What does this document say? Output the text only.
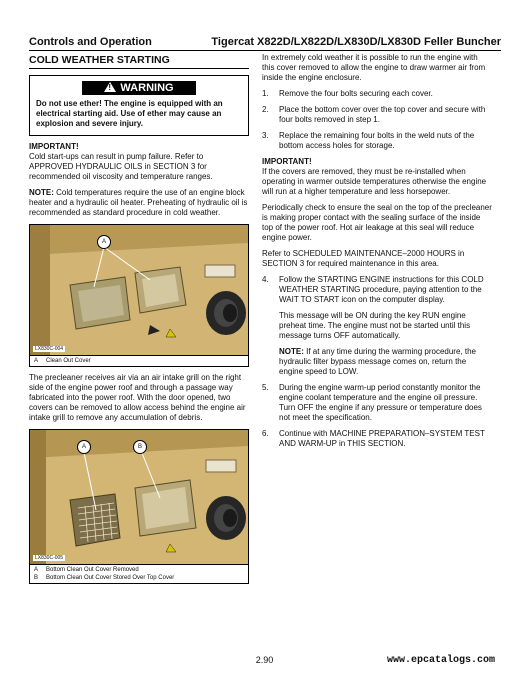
Controls and Operation	Tigercat X822D/LX822D/LX830D/LX830D Feller Buncher
COLD WEATHER STARTING
!WARNING
Do not use ether! The engine is equipped with an electrical starting aid. Use of ether may cause an explosion and severe injury.
IMPORTANT!
Cold start-ups can result in pump failure. Refer to APPROVED HYDRAULIC OILS in SECTION 3 for recommended oil viscosity and temperature ranges.
NOTE: Cold temperatures require the use of an engine block heater and a hydraulic oil heater. Preheating of hydraulic oil is recommended as standard procedure in cold weather.
A
LX830C-004
A Clean Out Cover
The precleaner receives air via an air intake grill on the right side of the engine power roof and through a passage way fabricated into the power roof. With the door opened, two covers can be removed to allow access behind the engine air intake grill to remove any accumulation of debris.
A	B
LX830C-005
A Bottom Clean Out Cover Removed
B Bottom Clean Out Cover Stored Over Top Cover
In extremely cold weather it is possible to run the engine with this cover removed to allow the engine to draw warmer air from inside the engine enclosure.
1.	Remove the four bolts securing each cover.
2.	Place the bottom cover over the top cover and secure with four bolts removed in step 1.
3.	Replace the remaining four bolts in the weld nuts of the bottom access holes for storage.
IMPORTANT!
If the covers are removed, they must be re-installed when operating in warmer outside temperatures otherwise the engine will run at a higher temperature and less horsepower.
Periodically check to ensure the seal on the top of the precleaner is making proper contact with the sealing surface of the inside top of the power roof. Hot air leakage at this seal will reduce engine power.
Refer to SCHEDULED MAINTENANCE–2000 HOURS in SECTION 3 for required maintenance in this area.
4.	Follow the STARTING ENGINE instructions for this COLD WEATHER STARTING procedure, paying attention to the WAIT TO START icon on the computer display.
This message will be ON during the key RUN engine preheat time. The engine must not be started until this message turns OFF automatically.
NOTE: If at any time during the warming procedure, the hydraulic filter bypass message comes on, return the engine speed to LOW.
5.	During the engine warm-up period constantly monitor the engine coolant temperature and the engine oil pressure. Turn OFF the engine if any pressure or temperature does not meet the specification.
6.	Continue with MACHINE PREPARATION–SYSTEM TEST AND WARM-UP in THIS SECTION.
2.90	www.epcatalogs.com
